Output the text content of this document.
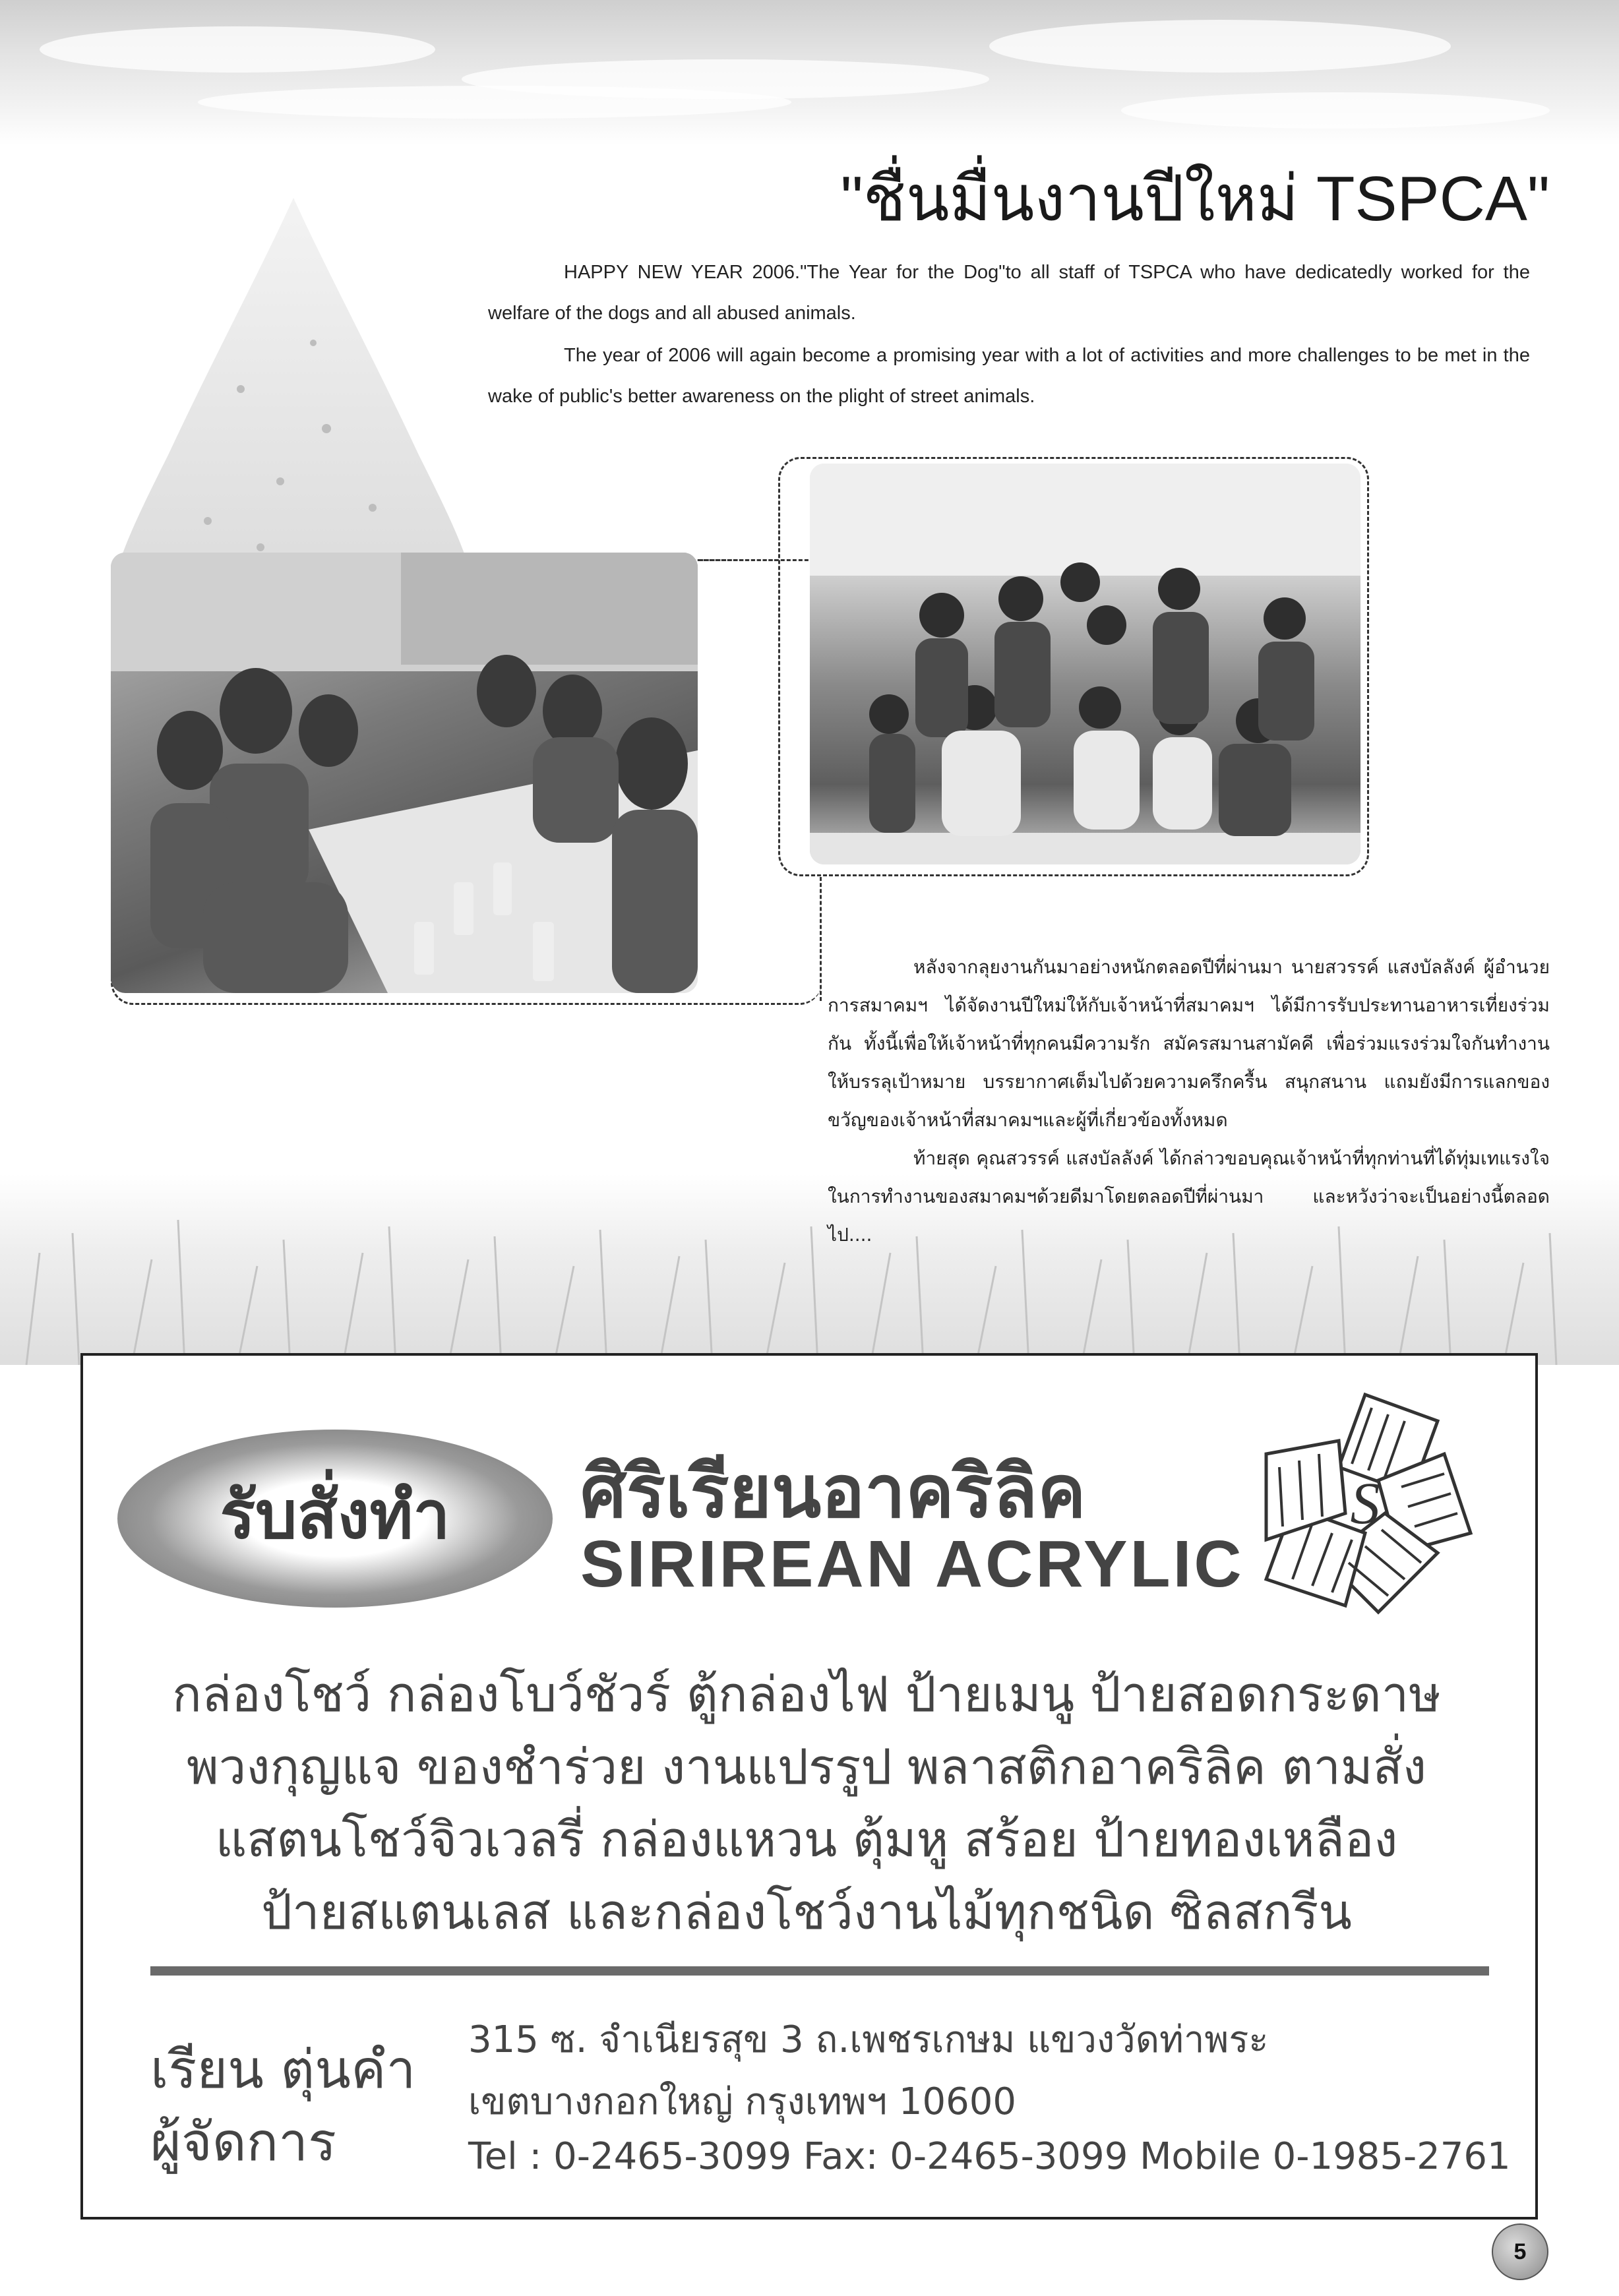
"ชื่นมื่นงานปีใหม่ TSPCA"
HAPPY NEW YEAR 2006."The Year for the Dog"to all staff of TSPCA who have dedicatedly worked for the welfare of the dogs and all abused animals.
The year of 2006 will again become a promising year with a lot of activities and more challenges to be met in the wake of public's better awareness on the plight of street animals.
หลังจากลุยงานกันมาอย่างหนักตลอดปีที่ผ่านมา นายสวรรค์ แสงบัลลังค์ ผู้อำนวยการสมาคมฯ ได้จัดงานปีใหม่ให้กับเจ้าหน้าที่สมาคมฯ ได้มีการรับประทานอาหารเที่ยงร่วมกัน ทั้งนี้เพื่อให้เจ้าหน้าที่ทุกคนมีความรัก สมัครสมานสามัคคี เพื่อร่วมแรงร่วมใจกันทำงานให้บรรลุเป้าหมาย บรรยากาศเต็มไปด้วยความครึกครื้น สนุกสนาน แถมยังมีการแลกของขวัญของเจ้าหน้าที่สมาคมฯและผู้ที่เกี่ยวข้องทั้งหมด
ท้ายสุด คุณสวรรค์ แสงบัลลังค์ ได้กล่าวขอบคุณเจ้าหน้าที่ทุกท่านที่ได้ทุ่มเทแรงใจในการทำงานของสมาคมฯด้วยดีมาโดยตลอดปีที่ผ่านมา และหวังว่าจะเป็นอย่างนี้ตลอดไป....
รับสั่งทำ	ศิริเรียนอาคริลิค
SIRIREAN ACRYLIC
S
กล่องโชว์ กล่องโบว์ชัวร์ ตู้กล่องไฟ ป้ายเมนู ป้ายสอดกระดาษ
พวงกุญแจ ของชำร่วย งานแปรรูป พลาสติกอาคริลิค ตามสั่ง
แสตนโชว์จิวเวลรี่ กล่องแหวน ตุ้มหู สร้อย ป้ายทองเหลือง
ป้ายสแตนเลส และกล่องโชว์งานไม้ทุกชนิด ซิลสกรีน
เรียน ตุ่นคำ
ผู้จัดการ
315 ซ. จำเนียรสุข 3 ถ.เพชรเกษม แขวงวัดท่าพระ
เขตบางกอกใหญ่ กรุงเทพฯ 10600
Tel : 0-2465-3099 Fax: 0-2465-3099 Mobile 0-1985-2761
5
